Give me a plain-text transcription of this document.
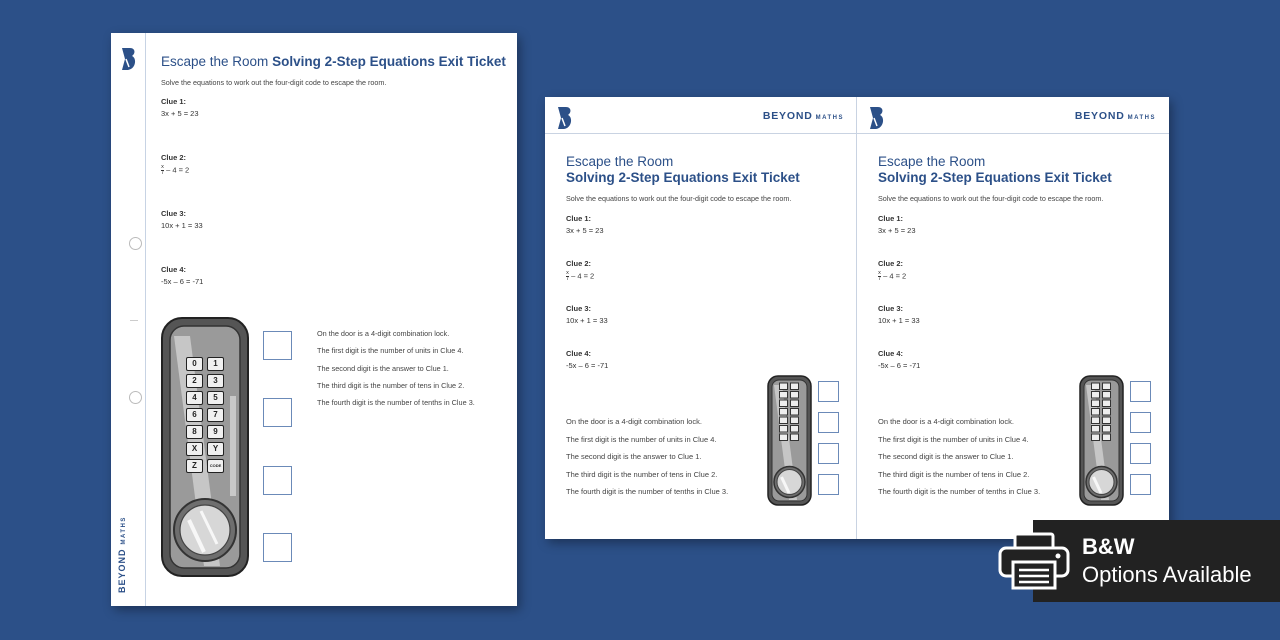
BEYONDMATHS
Escape the Room Solving 2-Step Equations Exit Ticket
Solve the equations to work out the four-digit code to escape the room.
Clue 1:
3x + 5 = 23
Clue 2:
$\frac{x}{7} - 4 = 2$
Clue 3:
10x + 1 = 33
Clue 4:
-5x – 6 = -71
0	1
2	3
4	5
6	7
8	9
X	Y
Z	CODE
On the door is a 4-digit combination lock.
The first digit is the number of units in Clue 4.
The second digit is the answer to Clue 1.
The third digit is the number of tens in Clue 2.
The fourth digit is the number of tenths in Clue 3.
BEYOND MATHS
Escape the Room
Solving 2-Step Equations Exit Ticket
Solve the equations to work out the four-digit code to escape the room.
Clue 1:
3x + 5 = 23
Clue 2:
$\frac{x}{7} - 4 = 2$
Clue 3:
10x + 1 = 33
Clue 4:
-5x – 6 = -71
On the door is a 4-digit combination lock.
The first digit is the number of units in Clue 4.
The second digit is the answer to Clue 1.
The third digit is the number of tens in Clue 2.
The fourth digit is the number of tenths in Clue 3.
BEYOND MATHS
Escape the Room
Solving 2-Step Equations Exit Ticket
Solve the equations to work out the four-digit code to escape the room.
Clue 1:
3x + 5 = 23
Clue 2:
$\frac{x}{7} - 4 = 2$
Clue 3:
10x + 1 = 33
Clue 4:
-5x – 6 = -71
On the door is a 4-digit combination lock.
The first digit is the number of units in Clue 4.
The second digit is the answer to Clue 1.
The third digit is the number of tens in Clue 2.
The fourth digit is the number of tenths in Clue 3.
B&W
Options Available
